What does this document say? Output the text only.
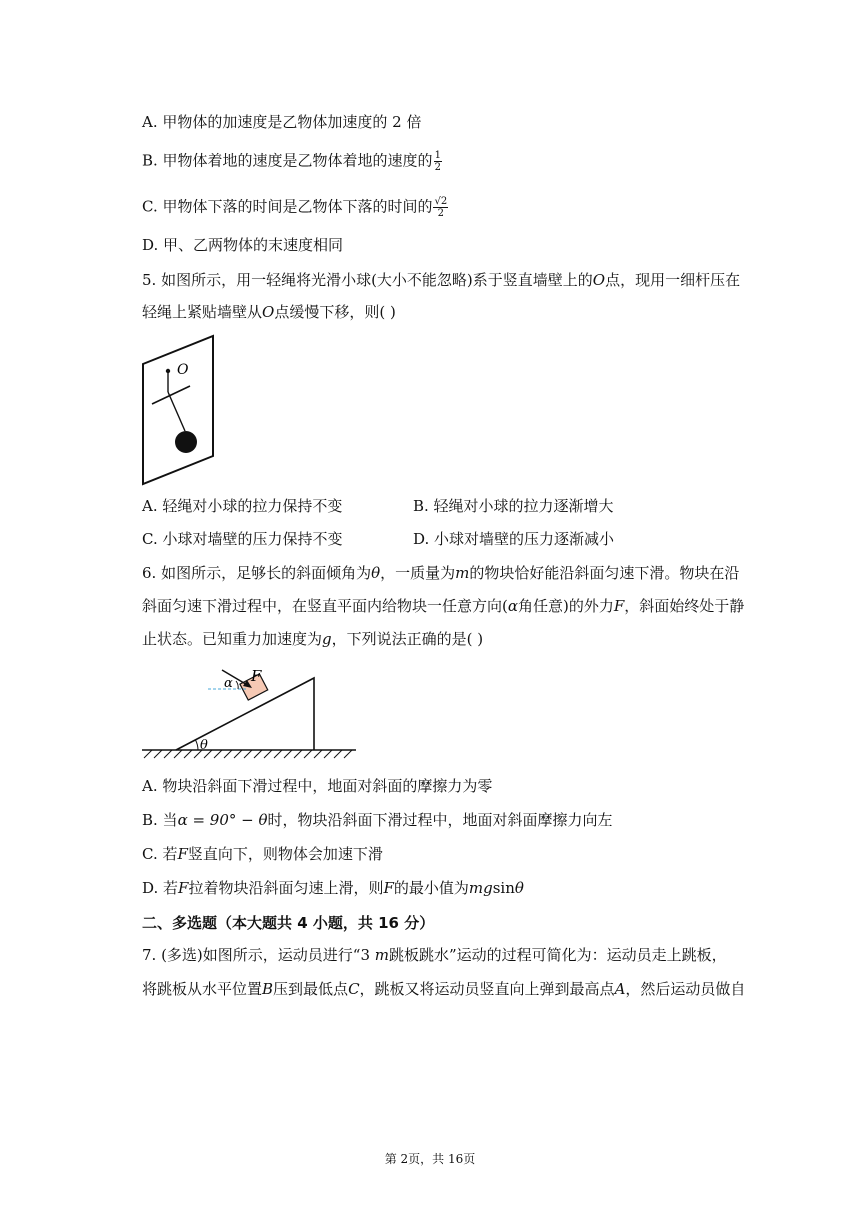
A. 甲物体的加速度是乙物体加速度的 2 倍
B. 甲物体着地的速度是乙物体着地的速度的 $\frac{1}{2}$
C. 甲物体下落的时间是乙物体下落的时间的 $\frac{√2}{2}$
D. 甲、乙两物体的末速度相同
5. 如图所示，用一轻绳将光滑小球(大小不能忽略)系于竖直墙壁上的O点，现用一细杆压在
轻绳上紧贴墙壁从O点缓慢下移，则( )
O
A. 轻绳对小球的拉力保持不变	B. 轻绳对小球的拉力逐渐增大
C. 小球对墙壁的压力保持不变	D. 小球对墙壁的压力逐渐减小
6. 如图所示，足够长的斜面倾角为θ，一质量为m的物块恰好能沿斜面匀速下滑。物块在沿
斜面匀速下滑过程中，在竖直平面内给物块一任意方向(α角任意)的外力F，斜面始终处于静
止状态。已知重力加速度为g，下列说法正确的是( )
θ
α F
A. 物块沿斜面下滑过程中，地面对斜面的摩擦力为零
B. 当α = 90° − θ时，物块沿斜面下滑过程中，地面对斜面摩擦力向左
C. 若F竖直向下，则物体会加速下滑
D. 若F拉着物块沿斜面匀速上滑，则F的最小值为mgsinθ
二、多选题（本大题共 4 小题，共 16 分）
7. (多选)如图所示，运动员进行“3 m跳板跳水”运动的过程可简化为：运动员走上跳板，
将跳板从水平位置B压到最低点C，跳板又将运动员竖直向上弹到最高点A，然后运动员做自
第 2页，共 16页
